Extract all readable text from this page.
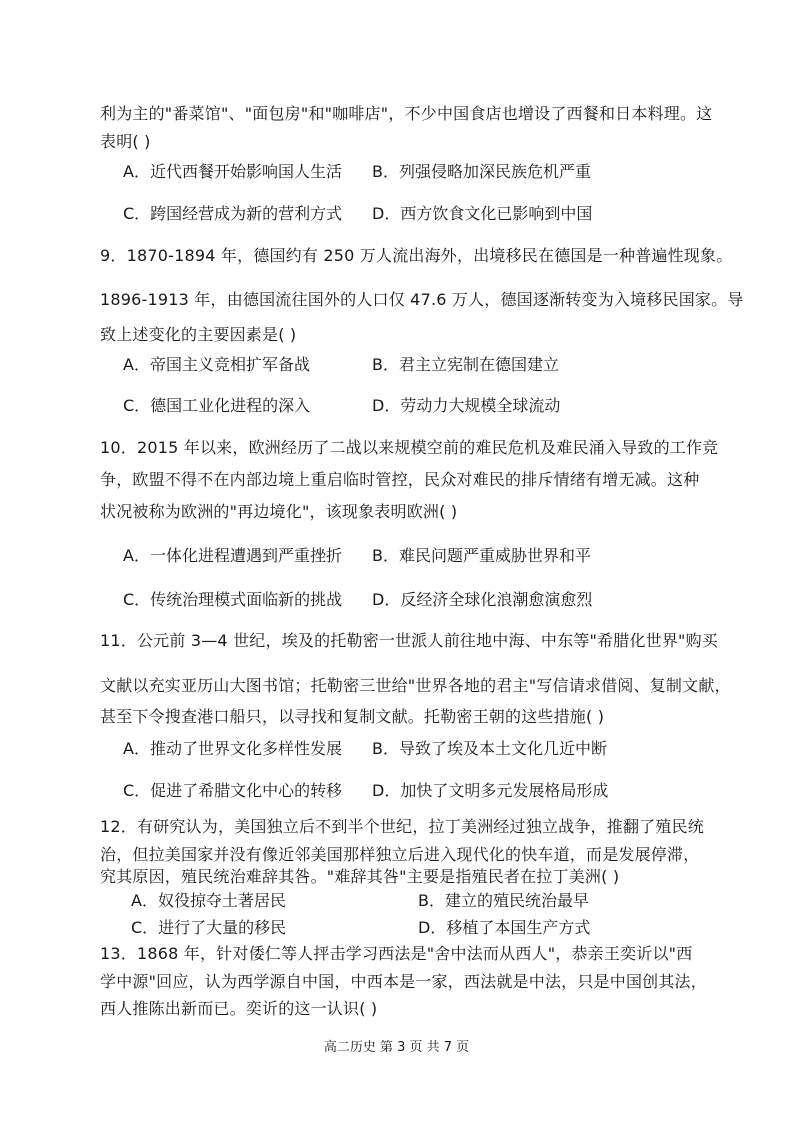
利为主的"番菜馆"、"面包房"和"咖啡店"，不少中国食店也增设了西餐和日本料理。这
表明( )
A．近代西餐开始影响国人生活 B．列强侵略加深民族危机严重
C．跨国经营成为新的营利方式 D．西方饮食文化已影响到中国
9．1870-1894 年，德国约有 250 万人流出海外，出境移民在德国是一种普遍性现象。
1896-1913 年，由德国流往国外的人口仅 47.6 万人，德国逐渐转变为入境移民国家。导
致上述变化的主要因素是( )
A．帝国主义竞相扩军备战	B．君主立宪制在德国建立
C．德国工业化进程的深入	D．劳动力大规模全球流动
10．2015 年以来，欧洲经历了二战以来规模空前的难民危机及难民涌入导致的工作竞
争，欧盟不得不在内部边境上重启临时管控，民众对难民的排斥情绪有增无减。这种
状况被称为欧洲的"再边境化"，该现象表明欧洲( )
A．一体化进程遭遇到严重挫折 B．难民问题严重威胁世界和平
C．传统治理模式面临新的挑战 D．反经济全球化浪潮愈演愈烈
11．公元前 3—4 世纪，埃及的托勒密一世派人前往地中海、中东等"希腊化世界"购买
文献以充实亚历山大图书馆；托勒密三世给"世界各地的君主"写信请求借阅、复制文献，
甚至下令搜查港口船只，以寻找和复制文献。托勒密王朝的这些措施( )
A．推动了世界文化多样性发展 B．导致了埃及本土文化几近中断
C．促进了希腊文化中心的转移 D．加快了文明多元发展格局形成
12．有研究认为，美国独立后不到半个世纪，拉丁美洲经过独立战争，推翻了殖民统
治，但拉美国家并没有像近邻美国那样独立后进入现代化的快车道，而是发展停滞，
究其原因，殖民统治难辞其咎。"难辞其咎"主要是指殖民者在拉丁美洲( )
A．奴役掠夺土著居民	B．建立的殖民统治最早
C．进行了大量的移民	D．移植了本国生产方式
13．1868 年，针对倭仁等人抨击学习西法是"舍中法而从西人"，恭亲王奕䜣以"西
学中源"回应，认为西学源自中国，中西本是一家，西法就是中法，只是中国创其法，
西人推陈出新而已。奕䜣的这一认识( )
高二历史 第 3 页 共 7 页
